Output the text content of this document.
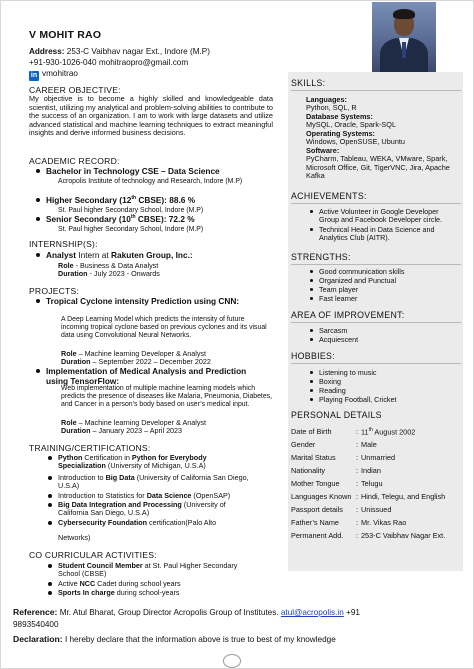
V MOHIT RAO
Address: 253-C Vaibhav nagar Ext., Indore (M.P)
+91-930-1026-040 mohitraopro@gmail.com
in vmohitrao
CAREER OBJECTIVE:
My objective is to become a highly skilled and knowledgeable data scientist, utilizing my analytical and problem-solving abilities to contribute to the success of an organization. I am to work with large datasets and utilize advanced statistical and machine learning techniques to extract meaningful insights and derive informed business decisions.
ACADEMIC RECORD:
Bachelor in Technology CSE – Data Science
Acropolis Institute of technology and Research, Indore (M.P)
Higher Secondary (12th CBSE): 88.6 %
St. Paul higher Secondary School, Indore (M.P)
Senior Secondary (10th CBSE): 72.2 %
St. Paul higher Secondary School, Indore (M.P)
INTERNSHIP(S):
Analyst Intern at Rakuten Group, Inc.:
Role - Business & Data Analyst
Duration - July 2023 - Onwards
PROJECTS:
Tropical Cyclone intensity Prediction using CNN:
A Deep Learning Model which predicts the intensity of future incoming tropical cyclone based on previous cyclones and its visual data using Convolutional Neural Networks.
Role – Machine learning Developer & Analyst
Duration – September 2022 – December 2022
Implementation of Medical Analysis and Prediction using TensorFlow:
Web implementation of multiple machine learning models which predicts the presence of diseases like Malaria, Pneumonia, Diabetes, and Cancer in a person’s body based on user’s medical input.
Role – Machine learning Developer & Analyst
Duration – January 2023 – April 2023
TRAINING/CERTIFICATIONS:
Python Certification in Python for Everybody Specialization (University of Michigan, U.S.A)
Introduction to Big Data (University of California San Diego, U.S.A)
Introduction to Statistics for Data Science (OpenSAP)
Big Data Integration and Processing (University of California San Diego, U.S.A)
Cybersecurity Foundation certification(Palo Alto
Networks)
CO CURRICULAR ACTIVITIES:
Student Council Member at St. Paul Higher Secondary School (CBSE)
Active NCC Cadet during school years
Sports In charge during school-years
SKILLS:
Languages:
Python, SQL, R
Database Systems:
MySQL, Oracle, Spark-SQL
Operating Systems:
Windows, OpenSUSE, Ubuntu
Software:
PyCharm, Tableau, WEKA, VMware, Spark, Microsoft Office, Git, TigerVNC, Jira, Apache Kafka
ACHIEVEMENTS:
Active Volunteer in Google Developer Group and Facebook Developer circle.
Technical Head in Data Science and Analytics Club (AITR).
STRENGTHS:
Good communication skills
Organized and Punctual
Team player
Fast learner
AREA OF IMPROVEMENT:
Sarcasm
Acquiescent
HOBBIES:
Listening to music
Boxing
Reading
Playing Football, Cricket
PERSONAL DETAILS
Date of Birth	: 11th August 2002
Gender	: Male
Marital Status	: Unmarried
Nationality	: Indian
Mother Tongue : Telugu
Languages Known : Hindi, Telegu, and English
Passport details : Unissued
Father’s Name : Mr. Vikas Rao
Permanent Add. : 253-C Vaibhav Nagar Ext.
Reference: Mr. Atul Bharat, Group Director Acropolis Group of Institutes. atul@acropolis.in +91
9893540400
Declaration: I hereby declare that the information above is true to best of my knowledge
